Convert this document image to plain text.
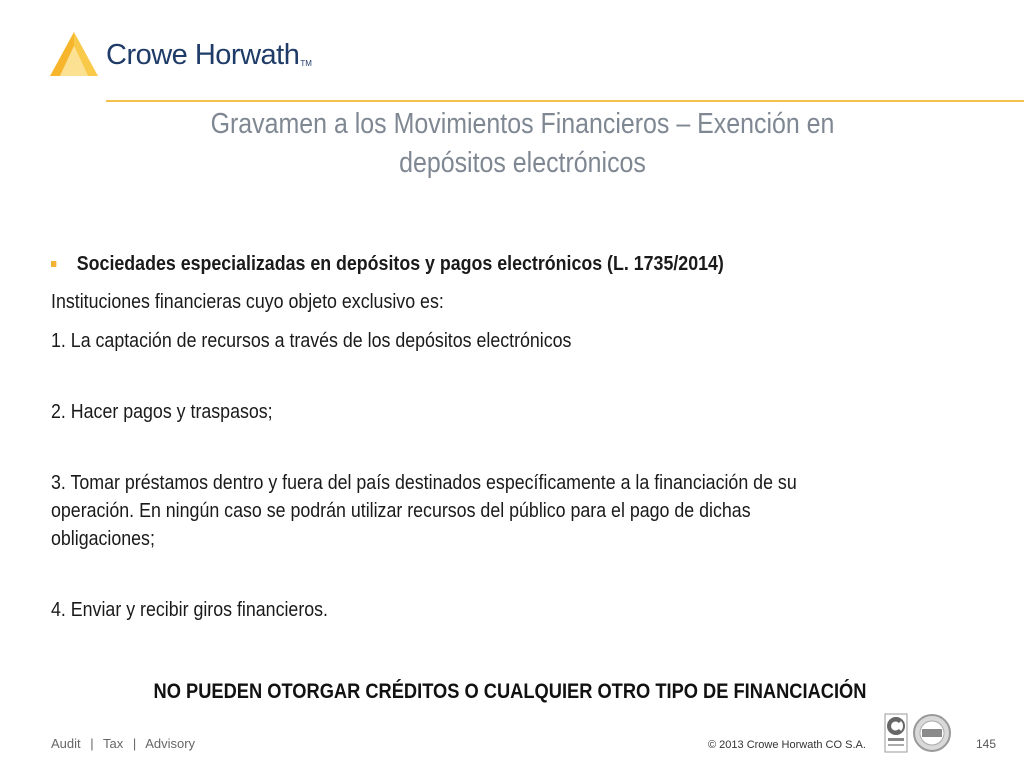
Crowe Horwath TM
Gravamen a los Movimientos Financieros – Exención en depósitos electrónicos

Sociedades especializadas en depósitos y pagos electrónicos (L. 1735/2014)

Instituciones financieras cuyo objeto exclusivo es:

1. La captación de recursos a través de los depósitos electrónicos

2. Hacer pagos y traspasos;

3. Tomar préstamos dentro y fuera del país destinados específicamente a la financiación de su operación. En ningún caso se podrán utilizar recursos del público para el pago de dichas obligaciones;

4. Enviar y recibir giros financieros.

NO PUEDEN OTORGAR CRÉDITOS O CUALQUIER OTRO TIPO DE FINANCIACIÓN
Audit | Tax | Advisory	© 2013 Crowe Horwath CO S.A.	145
